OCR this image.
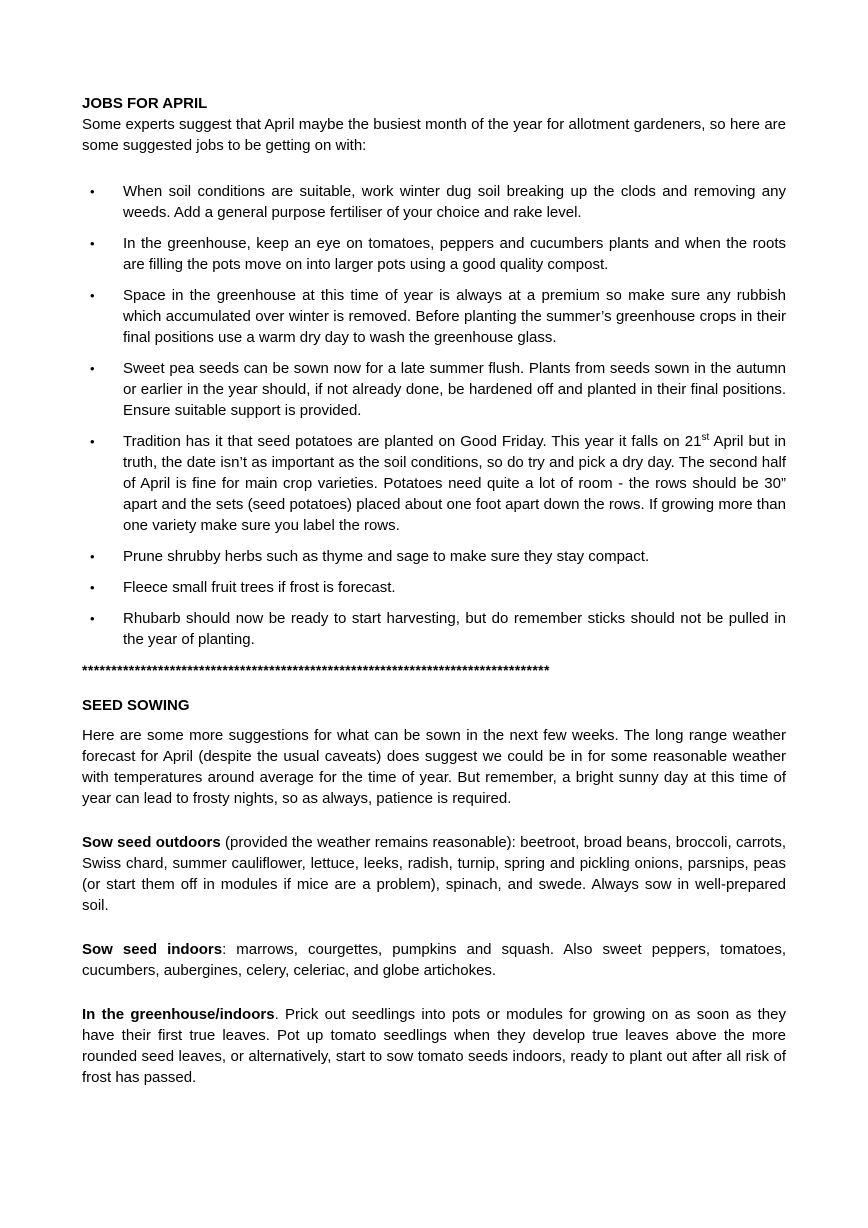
JOBS FOR APRIL

Some experts suggest that April maybe the busiest month of the year for allotment gardeners, so here are some suggested jobs to be getting on with:

• When soil conditions are suitable, work winter dug soil breaking up the clods and removing any weeds. Add a general purpose fertiliser of your choice and rake level.
• In the greenhouse, keep an eye on tomatoes, peppers and cucumbers plants and when the roots are filling the pots move on into larger pots using a good quality compost.
• Space in the greenhouse at this time of year is always at a premium so make sure any rubbish which accumulated over winter is removed. Before planting the summer’s greenhouse crops in their final positions use a warm dry day to wash the greenhouse glass.
• Sweet pea seeds can be sown now for a late summer flush. Plants from seeds sown in the autumn or earlier in the year should, if not already done, be hardened off and planted in their final positions. Ensure suitable support is provided.
• Tradition has it that seed potatoes are planted on Good Friday. This year it falls on 21st April but in truth, the date isn’t as important as the soil conditions, so do try and pick a dry day. The second half of April is fine for main crop varieties. Potatoes need quite a lot of room - the rows should be 30” apart and the sets (seed potatoes) placed about one foot apart down the rows. If growing more than one variety make sure you label the rows.
• Prune shrubby herbs such as thyme and sage to make sure they stay compact.
• Fleece small fruit trees if frost is forecast.
• Rhubarb should now be ready to start harvesting, but do remember sticks should not be pulled in the year of planting.
********************************************************************************
SEED SOWING

Here are some more suggestions for what can be sown in the next few weeks. The long range weather forecast for April (despite the usual caveats) does suggest we could be in for some reasonable weather with temperatures around average for the time of year. But remember, a bright sunny day at this time of year can lead to frosty nights, so as always, patience is required.

Sow seed outdoors (provided the weather remains reasonable): beetroot, broad beans, broccoli, carrots, Swiss chard, summer cauliflower, lettuce, leeks, radish, turnip, spring and pickling onions, parsnips, peas (or start them off in modules if mice are a problem), spinach, and swede. Always sow in well-prepared soil.

Sow seed indoors: marrows, courgettes, pumpkins and squash. Also sweet peppers, tomatoes, cucumbers, aubergines, celery, celeriac, and globe artichokes.

In the greenhouse/indoors. Prick out seedlings into pots or modules for growing on as soon as they have their first true leaves. Pot up tomato seedlings when they develop true leaves above the more rounded seed leaves, or alternatively, start to sow tomato seeds indoors, ready to plant out after all risk of frost has passed.
